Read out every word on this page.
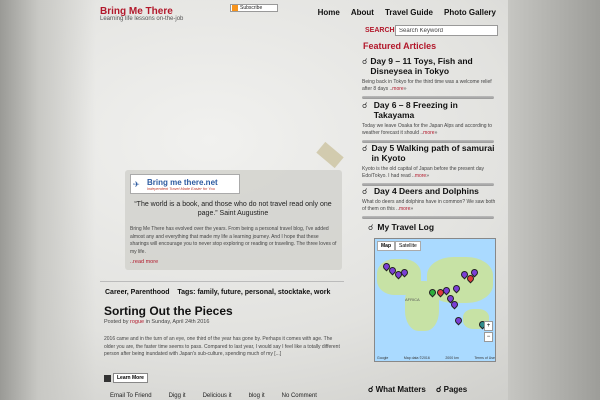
Bring Me There
Learning life lessons on-the-job
Subscribe	Home About Travel Guide Photo Gallery
SEARCH
Search Keyword
Featured Articles
☌ Day 9 – 11 Toys, Fish and Disneysea in Tokyo
Being back in Tokyo for the third time was a welcome relief after 8 days ..more»
☌ Day 6 – 8 Freezing in Takayama
Today we leave Osaka for the Japan Alps and according to weather forecast it should ..more»
☌ Day 5 Walking path of samurai in Kyoto
Kyoto is the old capital of Japan before the present day Edo/Tokyo. I had read ..more»
☌ Day 4 Deers and Dolphins
What do deers and dolphins have in common? We saw both of them on this ..more»
☌ My Travel Log
AFRICA
Map	Satellite
+
−
Google	Map data ©2016	2000 km	Terms of Use
☌ What Matters ☌ Pages
✈ Bring me there.net
Independent Travel Made Easier for You
“The world is a book, and those who do not travel read only one page.” Saint Augustine
Bring Me There has evolved over the years. From being a personal travel blog, I’ve added almost any and everything that made my life a learning journey. And I hope that these sharings will encourage you to never stop exploring or reading or traveling. The three loves of my life.
..read more
Career, Parenthood Tags: family, future, personal, stocktake, work
Sorting Out the Pieces
Posted by rogue in Sunday, April 24th 2016
2016 came and in the turn of an eye, one third of the year has gone by. Perhaps it comes with age. The older you are, the faster time seems to pass. Compared to last year, I would say I feel like a totally different person after being inundated with Japan's sub-culture, spending much of my [...]
Learn More
Email To Friend	Digg it	Delicious it	blog it	No Comment
